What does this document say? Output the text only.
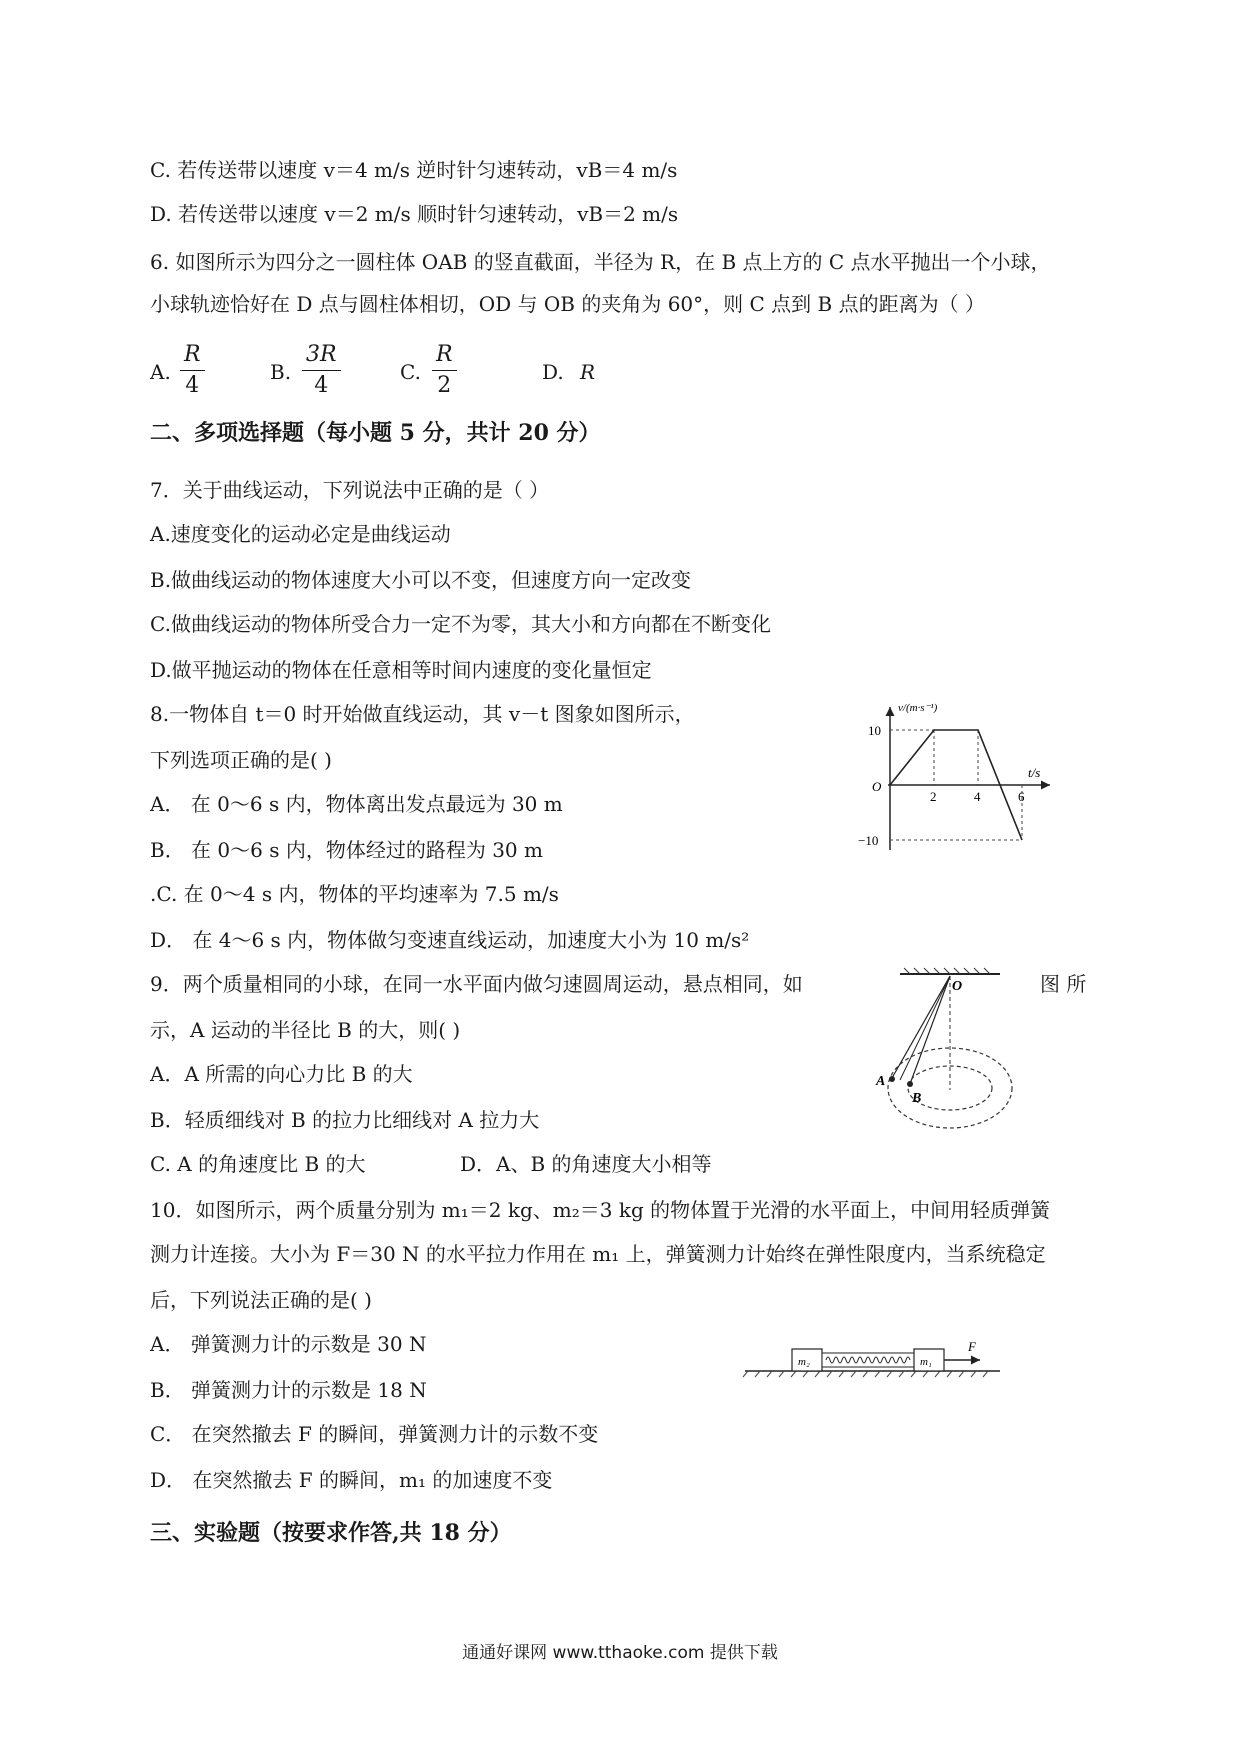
C. 若传送带以速度 v＝4 m/s 逆时针匀速转动，vB＝4 m/s
D. 若传送带以速度 v＝2 m/s 顺时针匀速转动，vB＝2 m/s
6. 如图所示为四分之一圆柱体 OAB 的竖直截面，半径为 R，在 B 点上方的 C 点水平抛出一个小球，
小球轨迹恰好在 D 点与圆柱体相切，OD 与 OB 的夹角为 60°，则 C 点到 B 点的距离为（ ）
A. $\frac{R}{4}$	B. $\frac{3R}{4}$	C. $\frac{R}{2}$	D. R
二、多项选择题（每小题 5 分，共计 20 分）
7．关于曲线运动，下列说法中正确的是（ ）
A.速度变化的运动必定是曲线运动
B.做曲线运动的物体速度大小可以不变，但速度方向一定改变
C.做曲线运动的物体所受合力一定不为零，其大小和方向都在不断变化
D.做平抛运动的物体在任意相等时间内速度的变化量恒定
8.一物体自 t＝0 时开始做直线运动，其 v－t 图象如图所示，
下列选项正确的是( )
A． 在 0～6 s 内，物体离出发点最远为 30 m
B． 在 0～6 s 内，物体经过的路程为 30 m
.C. 在 0～4 s 内，物体的平均速率为 7.5 m/s
D． 在 4～6 s 内，物体做匀变速直线运动，加速度大小为 10 m/s²
10
−10
2	4	6
v/(m·s⁻¹)
t/s
O
9．两个质量相同的小球，在同一水平面内做匀速圆周运动，悬点相同，如	图 所
示，A 运动的半径比 B 的大，则( )
A．A 所需的向心力比 B 的大
B．轻质细线对 B 的拉力比细线对 A 拉力大
C. A 的角速度比 B 的大	D．A、B 的角速度大小相等
O
A
B
10．如图所示，两个质量分别为 m₁＝2 kg、m₂＝3 kg 的物体置于光滑的水平面上，中间用轻质弹簧
测力计连接。大小为 F＝30 N 的水平拉力作用在 m₁ 上，弹簧测力计始终在弹性限度内，当系统稳定
后，下列说法正确的是( )
A． 弹簧测力计的示数是 30 N
B． 弹簧测力计的示数是 18 N
C． 在突然撤去 F 的瞬间，弹簧测力计的示数不变
D． 在突然撤去 F 的瞬间，m₁ 的加速度不变
m₂	m₁
F
三、实验题（按要求作答,共 18 分）
通通好课网 www.tthaoke.com 提供下载
